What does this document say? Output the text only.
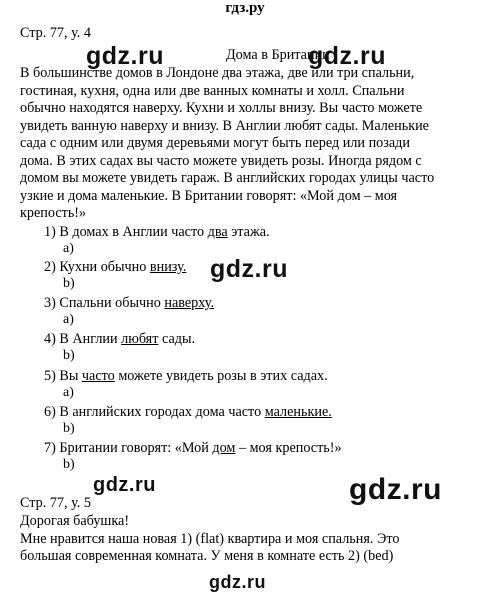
гдз.ру
Стр. 77, у. 4
Дома в Британии
В большинстве домов в Лондоне два этажа, две или три спальни,
гостиная, кухня, одна или две ванных комнаты и холл. Спальни
обычно находятся наверху. Кухни и холлы внизу. Вы часто можете
увидеть ванную наверху и внизу. В Англии любят сады. Маленькие
сада с одним или двумя деревьями могут быть перед или позади
дома. В этих садах вы часто можете увидеть розы. Иногда рядом с
домом вы можете увидеть гараж. В английских городах улицы часто
узкие и дома маленькие. В Британии говорят: «Мой дом – моя
крепость!»
1) В домах в Англии часто два этажа.
a)
2) Кухни обычно внизу.
b)
3) Спальни обычно наверху.
a)
4) В Англии любят сады.
b)
5) Вы часто можете увидеть розы в этих садах.
a)
6) В английских городах дома часто маленькие.
b)
7) Британии говорят: «Мой дом – моя крепость!»
b)
Стр. 77, у. 5
Дорогая бабушка!
Мне нравится наша новая 1) (flat) квартира и моя спальня. Это
большая современная комната. У меня в комнате есть 2) (bed)
gdz.ru	gdz.ru
gdz.ru
gdz.ru	gdz.ru
gdz.ru
